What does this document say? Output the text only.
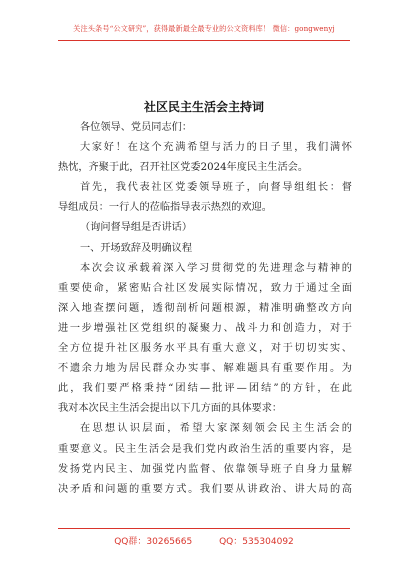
关注头条号“公文研究”，获得最新最全最专业的公文资料库！ 微信：gongwenyj
社区民主生活会主持词
各位领导、党员同志们：
大家好！在这个充满希望与活力的日子里，我们满怀
热忱，齐聚于此，召开社区党委2024年度民主生活会。
首先，我代表社区党委领导班子，向督导组组长：督
导组成员：一行人的莅临指导表示热烈的欢迎。
（询问督导组是否讲话）
一、开场致辞及明确议程
本次会议承载着深入学习贯彻党的先进理念与精神的
重要使命，紧密贴合社区发展实际情况，致力于通过全面
深入地查摆问题，透彻剖析问题根源，精准明确整改方向
进一步增强社区党组织的凝聚力、战斗力和创造力，对于
全方位提升社区服务水平具有重大意义，对于切切实实、
不遗余力地为居民群众办实事、解难题具有重要作用。为
此，我们要严格秉持“团结—批评—团结”的方针，在此
我对本次民主生活会提出以下几方面的具体要求：
在思想认识层面，希望大家深刻领会民主生活会的
重要意义。民主生活会是我们党内政治生活的重要内容，是
发扬党内民主、加强党内监督、依靠领导班子自身力量解
决矛盾和问题的重要方式。我们要从讲政治、讲大局的高
QQ群：30265665	QQ：535304092
